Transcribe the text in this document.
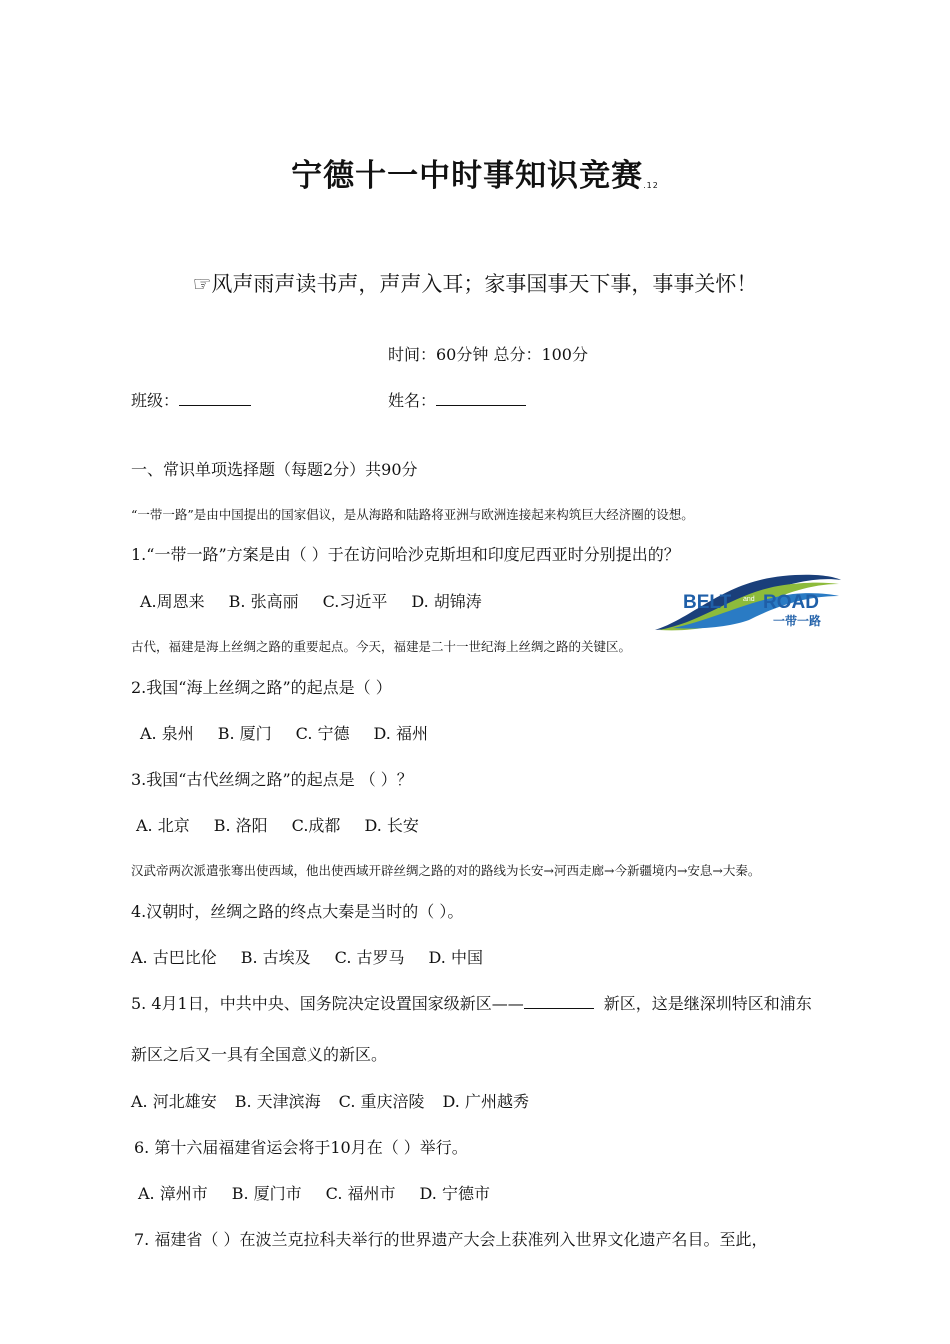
宁德十一中时事知识竞赛$^{.12}$
☞风声雨声读书声，声声入耳；家事国事天下事，事事关怀！
时间：60分钟 总分：100分
班级：	姓名：
一、常识单项选择题（每题2分）共90分
“一带一路”是由中国提出的国家倡议，是从海路和陆路将亚洲与欧洲连接起来构筑巨大经济圈的设想。
1.“一带一路”方案是由（ ）于在访问哈沙克斯坦和印度尼西亚时分别提出的？
A.周恩来 B. 张高丽 C.习近平 D. 胡锦涛	BELT and ROAD
一带一路
古代，福建是海上丝绸之路的重要起点。今天，福建是二十一世纪海上丝绸之路的关键区。
2.我国“海上丝绸之路”的起点是（ ）
A. 泉州 B. 厦门 C. 宁德 D. 福州
3.我国“古代丝绸之路”的起点是 （ ）？
A. 北京 B. 洛阳 C.成都 D. 长安
汉武帝两次派遣张骞出使西域，他出使西域开辟丝绸之路的对的路线为长安→河西走廊→今新疆境内→安息→大秦。
4.汉朝时，丝绸之路的终点大秦是当时的（ ）。
A. 古巴比伦 B. 古埃及 C. 古罗马 D. 中国
5. 4月1日，中共中央、国务院决定设置国家级新区——	新区，这是继深圳特区和浦东
新区之后又一具有全国意义的新区。
A. 河北雄安 B. 天津滨海 C. 重庆涪陵 D. 广州越秀
6. 第十六届福建省运会将于10月在（ ）举行。
A. 漳州市 B. 厦门市 C. 福州市 D. 宁德市
7. 福建省（ ）在波兰克拉科夫举行的世界遗产大会上获准列入世界文化遗产名目。至此，
